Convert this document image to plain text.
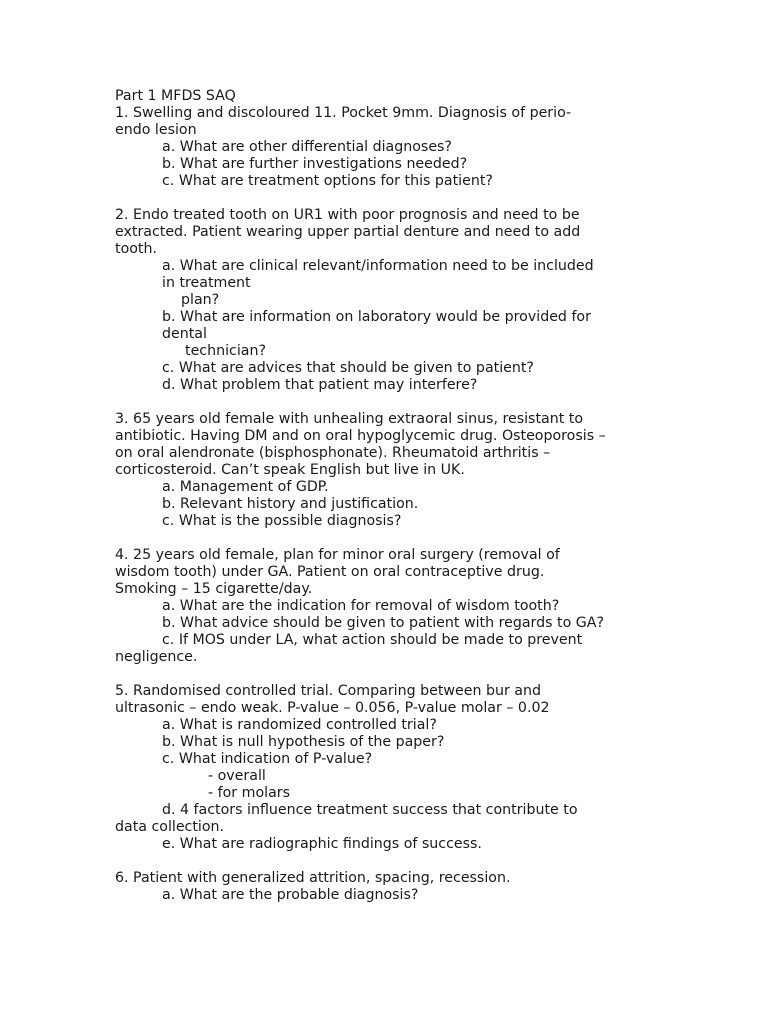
Part 1 MFDS SAQ
1. Swelling and discoloured 11. Pocket 9mm. Diagnosis of perio-
endo lesion
a. What are other differential diagnoses?
b. What are further investigations needed?
c. What are treatment options for this patient?
2. Endo treated tooth on UR1 with poor prognosis and need to be
extracted. Patient wearing upper partial denture and need to add
tooth.
a. What are clinical relevant/information need to be included
in treatment
plan?
b. What are information on laboratory would be provided for
dental
technician?
c. What are advices that should be given to patient?
d. What problem that patient may interfere?
3. 65 years old female with unhealing extraoral sinus, resistant to
antibiotic. Having DM and on oral hypoglycemic drug. Osteoporosis –
on oral alendronate (bisphosphonate). Rheumatoid arthritis –
corticosteroid. Can’t speak English but live in UK.
a. Management of GDP.
b. Relevant history and justification.
c. What is the possible diagnosis?
4. 25 years old female, plan for minor oral surgery (removal of
wisdom tooth) under GA. Patient on oral contraceptive drug.
Smoking – 15 cigarette/day.
a. What are the indication for removal of wisdom tooth?
b. What advice should be given to patient with regards to GA?
c. If MOS under LA, what action should be made to prevent
negligence.
5. Randomised controlled trial. Comparing between bur and
ultrasonic – endo weak. P-value – 0.056, P-value molar – 0.02
a. What is randomized controlled trial?
b. What is null hypothesis of the paper?
c. What indication of P-value?
- overall
- for molars
d. 4 factors influence treatment success that contribute to
data collection.
e. What are radiographic findings of success.
6. Patient with generalized attrition, spacing, recession.
a. What are the probable diagnosis?
